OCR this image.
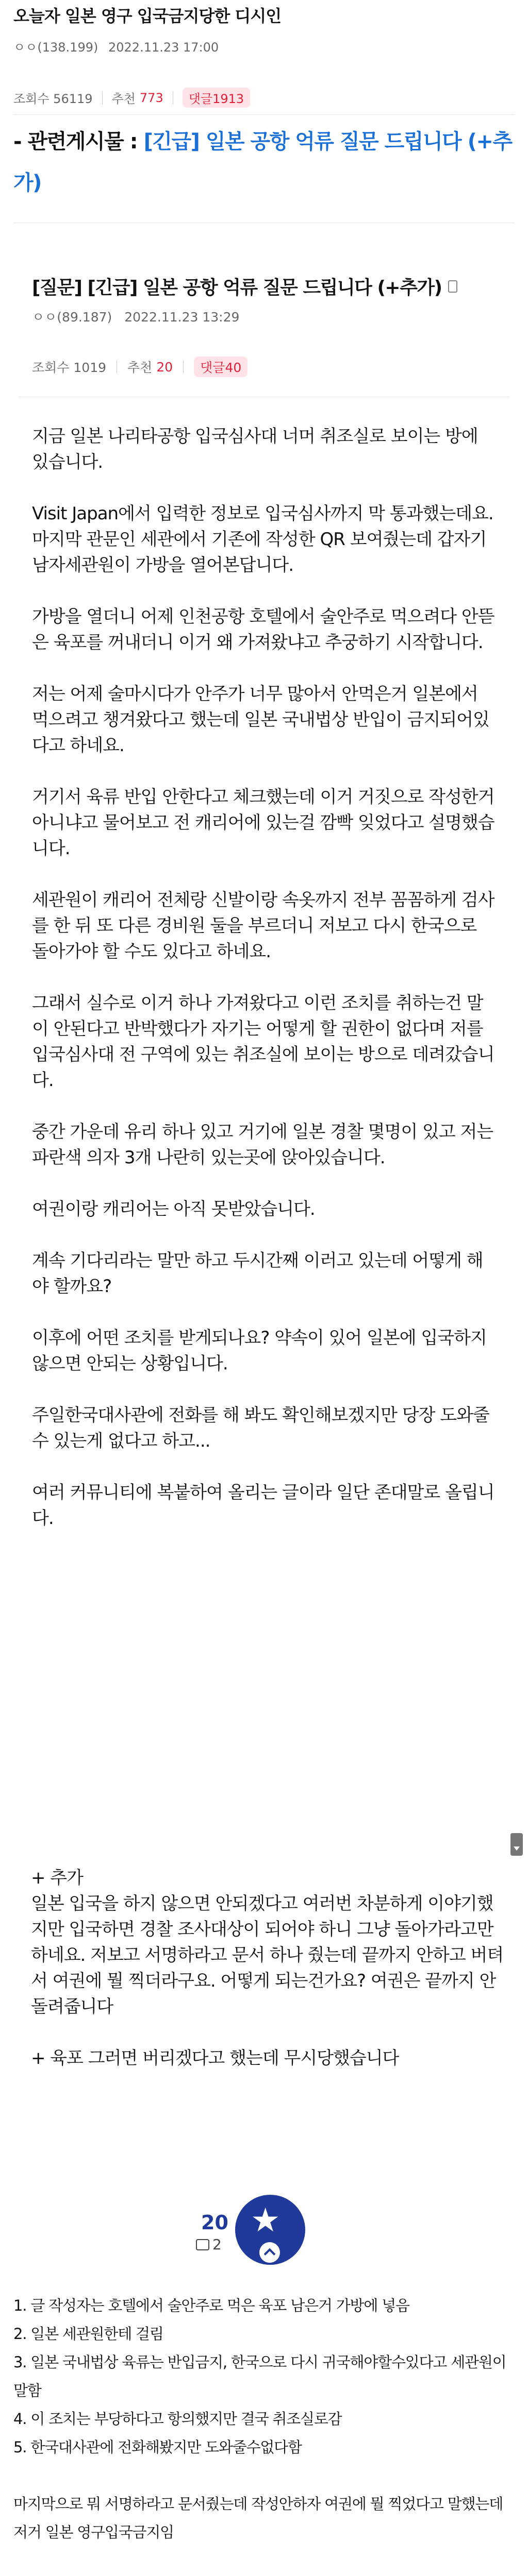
오늘자 일본 영구 입국금지당한 디시인
ㅇㅇ(138.199) 2022.11.23 17:00
조회수 56119 추천 773	댓글1913
- 관련게시물 : [긴급] 일본 공항 억류 질문 드립니다 (+추가)
[질문] [긴급] 일본 공항 억류 질문 드립니다 (+추가)
ㅇㅇ(89.187) 2022.11.23 13:29
조회수 1019 추천 20	댓글40

지금 일본 나리타공항 입국심사대 너머 취조실로 보이는 방에 있습니다.

Visit Japan에서 입력한 정보로 입국심사까지 막 통과했는데요.
마지막 관문인 세관에서 기존에 작성한 QR 보여줬는데 갑자기 남자세관원이 가방을 열어본답니다.

가방을 열더니 어제 인천공항 호텔에서 술안주로 먹으려다 안뜯은 육포를 꺼내더니 이거 왜 가져왔냐고 추궁하기 시작합니다.

저는 어제 술마시다가 안주가 너무 많아서 안먹은거 일본에서 먹으려고 챙겨왔다고 했는데 일본 국내법상 반입이 금지되어있다고 하네요.

거기서 육류 반입 안한다고 체크했는데 이거 거짓으로 작성한거 아니냐고 물어보고 전 캐리어에 있는걸 깜빡 잊었다고 설명했습니다.

세관원이 캐리어 전체랑 신발이랑 속옷까지 전부 꼼꼼하게 검사를 한 뒤 또 다른 경비원 둘을 부르더니 저보고 다시 한국으로 돌아가야 할 수도 있다고 하네요.

그래서 실수로 이거 하나 가져왔다고 이런 조치를 취하는건 말이 안된다고 반박했다가 자기는 어떻게 할 권한이 없다며 저를 입국심사대 전 구역에 있는 취조실에 보이는 방으로 데려갔습니다.

중간 가운데 유리 하나 있고 거기에 일본 경찰 몇명이 있고 저는 파란색 의자 3개 나란히 있는곳에 앉아있습니다.

여권이랑 캐리어는 아직 못받았습니다.

계속 기다리라는 말만 하고 두시간째 이러고 있는데 어떻게 해야 할까요?

이후에 어떤 조치를 받게되나요? 약속이 있어 일본에 입국하지 않으면 안되는 상황입니다.

주일한국대사관에 전화를 해 봐도 확인해보겠지만 당장 도와줄 수 있는게 없다고 하고...

여러 커뮤니티에 복붙하여 올리는 글이라 일단 존대말로 올립니다.

+ 추가
일본 입국을 하지 않으면 안되겠다고 여러번 차분하게 이야기했지만 입국하면 경찰 조사대상이 되어야 하니 그냥 돌아가라고만 하네요. 저보고 서명하라고 문서 하나 줬는데 끝까지 안하고 버텨서 여권에 뭘 찍더라구요. 어떻게 되는건가요? 여권은 끝까지 안돌려줍니다

+ 육포 그러면 버리겠다고 했는데 무시당했습니다

20
2
★
1. 글 작성자는 호텔에서 술안주로 먹은 육포 남은거 가방에 넣음
2. 일본 세관원한테 걸림
3. 일본 국내법상 육류는 반입금지, 한국으로 다시 귀국해야할수있다고 세관원이 말함
4. 이 조치는 부당하다고 항의했지만 결국 취조실로감
5. 한국대사관에 전화해봤지만 도와줄수없다함
마지막으로 뭐 서명하라고 문서줬는데 작성안하자 여권에 뭘 찍었다고 말했는데 저거 일본 영구입국금지임
